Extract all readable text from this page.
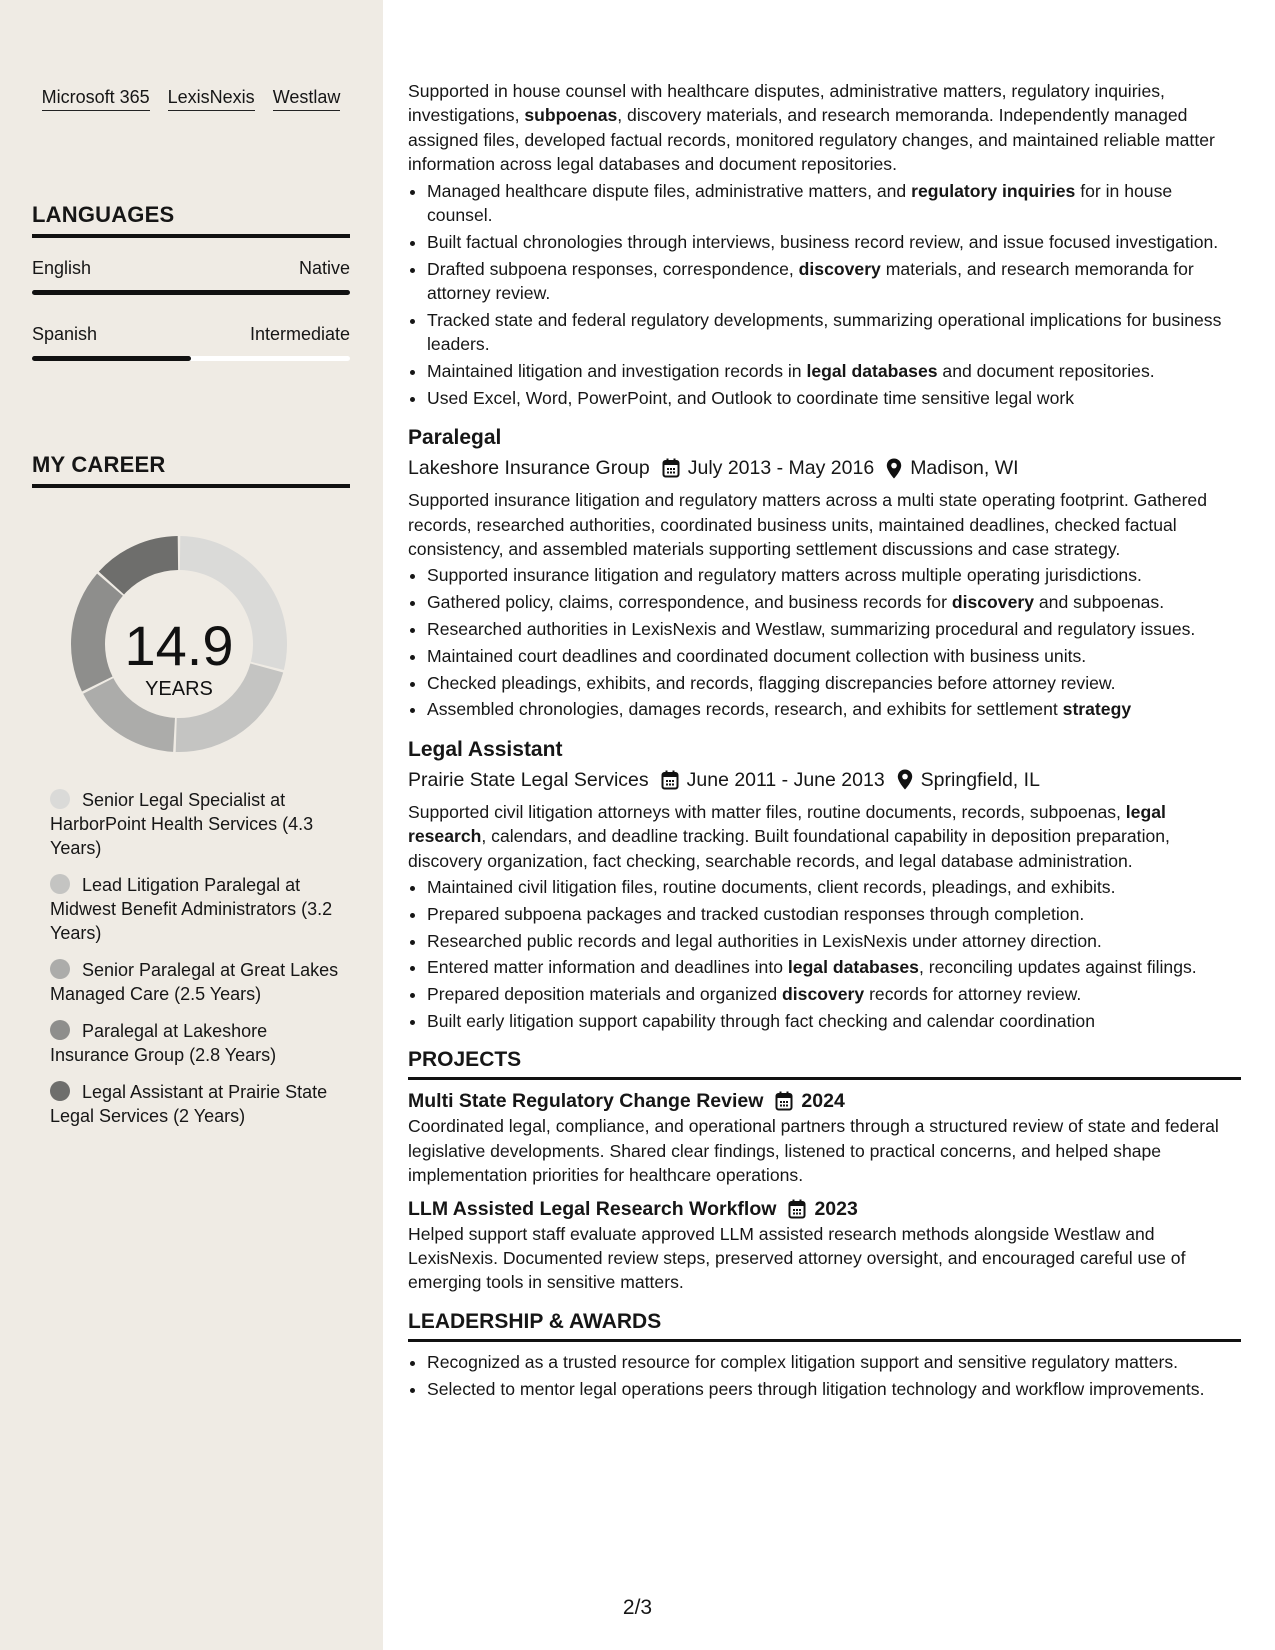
Microsoft 365 LexisNexis Westlaw
LANGUAGES
English	Native
Spanish	Intermediate
MY CAREER
14.9
YEARS
Senior Legal Specialist at HarborPoint Health Services (4.3 Years)
Lead Litigation Paralegal at Midwest Benefit Administrators (3.2 Years)
Senior Paralegal at Great Lakes Managed Care (2.5 Years)
Paralegal at Lakeshore Insurance Group (2.8 Years)
Legal Assistant at Prairie State Legal Services (2 Years)

Supported in house counsel with healthcare disputes, administrative matters, regulatory inquiries, investigations, subpoenas, discovery materials, and research memoranda. Independently managed assigned files, developed factual records, monitored regulatory changes, and maintained reliable matter information across legal databases and document repositories.

• Managed healthcare dispute files, administrative matters, and regulatory inquiries for in house counsel.
• Built factual chronologies through interviews, business record review, and issue focused investigation.
• Drafted subpoena responses, correspondence, discovery materials, and research memoranda for attorney review.
• Tracked state and federal regulatory developments, summarizing operational implications for business leaders.
• Maintained litigation and investigation records in legal databases and document repositories.
• Used Excel, Word, PowerPoint, and Outlook to coordinate time sensitive legal work
Paralegal
Lakeshore Insurance Group July 2013 - May 2016 Madison, WI

Supported insurance litigation and regulatory matters across a multi state operating footprint. Gathered records, researched authorities, coordinated business units, maintained deadlines, checked factual consistency, and assembled materials supporting settlement discussions and case strategy.

• Supported insurance litigation and regulatory matters across multiple operating jurisdictions.
• Gathered policy, claims, correspondence, and business records for discovery and subpoenas.
• Researched authorities in LexisNexis and Westlaw, summarizing procedural and regulatory issues.
• Maintained court deadlines and coordinated document collection with business units.
• Checked pleadings, exhibits, and records, flagging discrepancies before attorney review.
• Assembled chronologies, damages records, research, and exhibits for settlement strategy
Legal Assistant
Prairie State Legal Services June 2011 - June 2013 Springfield, IL

Supported civil litigation attorneys with matter files, routine documents, records, subpoenas, legal research, calendars, and deadline tracking. Built foundational capability in deposition preparation, discovery organization, fact checking, searchable records, and legal database administration.

• Maintained civil litigation files, routine documents, client records, pleadings, and exhibits.
• Prepared subpoena packages and tracked custodian responses through completion.
• Researched public records and legal authorities in LexisNexis under attorney direction.
• Entered matter information and deadlines into legal databases, reconciling updates against filings.
• Prepared deposition materials and organized discovery records for attorney review.
• Built early litigation support capability through fact checking and calendar coordination
PROJECTS
Multi State Regulatory Change Review 2024

Coordinated legal, compliance, and operational partners through a structured review of state and federal legislative developments. Shared clear findings, listened to practical concerns, and helped shape implementation priorities for healthcare operations.

LLM Assisted Legal Research Workflow 2023

Helped support staff evaluate approved LLM assisted research methods alongside Westlaw and LexisNexis. Documented review steps, preserved attorney oversight, and encouraged careful use of emerging tools in sensitive matters.

LEADERSHIP & AWARDS
• Recognized as a trusted resource for complex litigation support and sensitive regulatory matters.
• Selected to mentor legal operations peers through litigation technology and workflow improvements.
2/3
